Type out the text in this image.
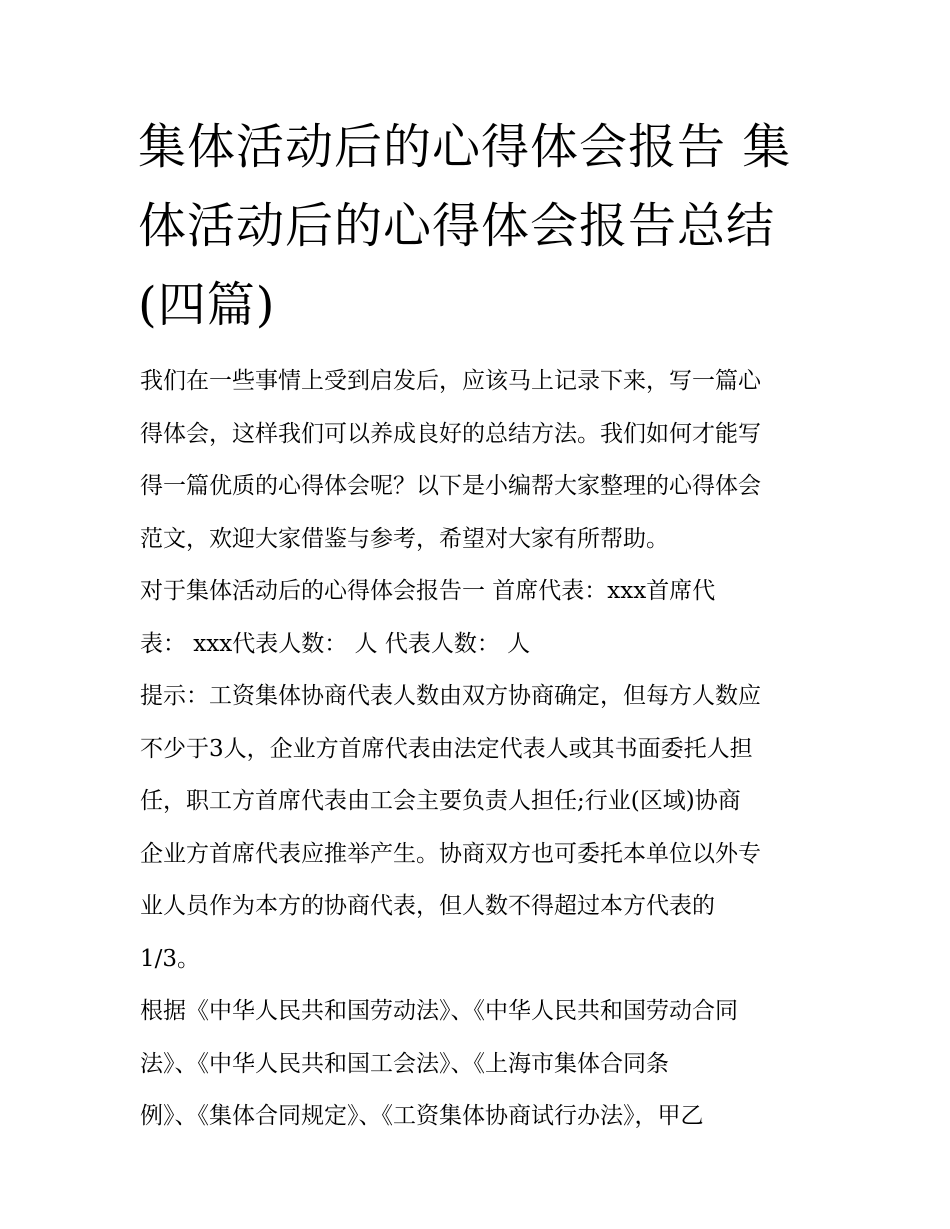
集体活动后的心得体会报告 集
体活动后的心得体会报告总结
(四篇)
我们在一些事情上受到启发后，应该马上记录下来，写一篇心
得体会，这样我们可以养成良好的总结方法。我们如何才能写
得一篇优质的心得体会呢？以下是小编帮大家整理的心得体会
范文，欢迎大家借鉴与参考，希望对大家有所帮助。
对于集体活动后的心得体会报告一 首席代表：xxx首席代
表： xxx代表人数： 人 代表人数： 人
提示：工资集体协商代表人数由双方协商确定，但每方人数应
不少于3人，企业方首席代表由法定代表人或其书面委托人担
任，职工方首席代表由工会主要负责人担任;行业(区域)协商
企业方首席代表应推举产生。协商双方也可委托本单位以外专
业人员作为本方的协商代表，但人数不得超过本方代表的
1/3。
根据《中华人民共和国劳动法》、《中华人民共和国劳动合同
法》、《中华人民共和国工会法》、《上海市集体合同条
例》、《集体合同规定》、《工资集体协商试行办法》，甲乙
